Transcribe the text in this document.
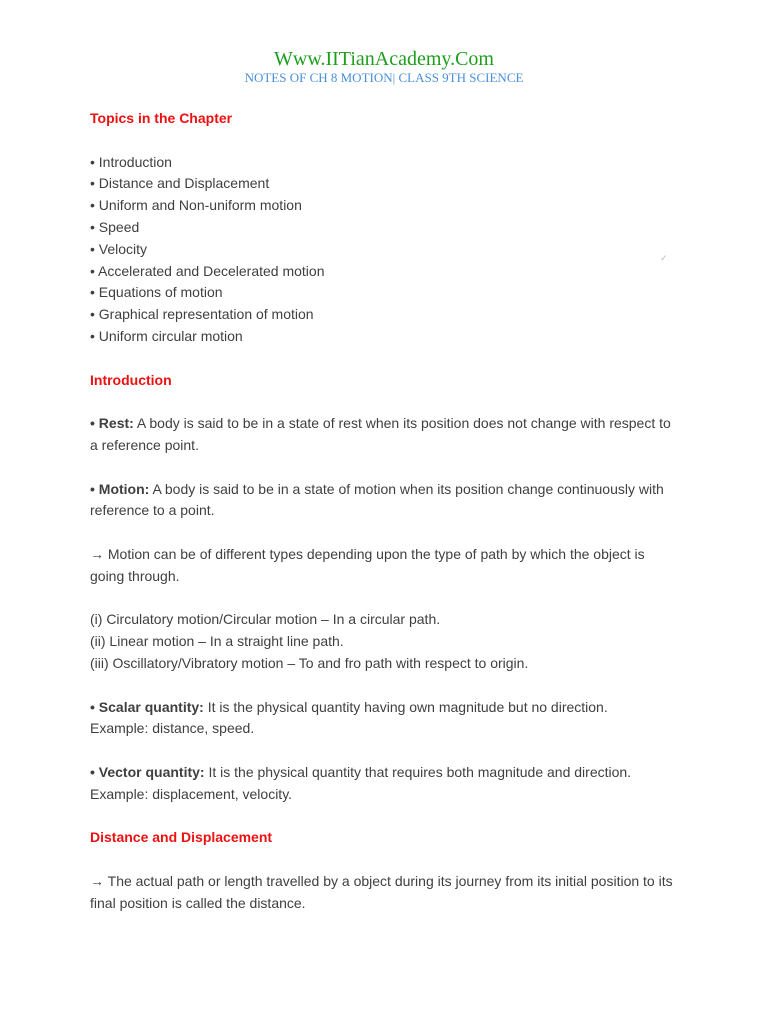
Www.IITianAcademy.Com
NOTES OF CH 8 MOTION| CLASS 9TH SCIENCE
✓

Topics in the Chapter

• Introduction

• Distance and Displacement

• Uniform and Non-uniform motion

• Speed

• Velocity

• Accelerated and Decelerated motion

• Equations of motion

• Graphical representation of motion

• Uniform circular motion

Introduction

• Rest: A body is said to be in a state of rest when its position does not change with respect to a reference point.

• Motion: A body is said to be in a state of motion when its position change continuously with reference to a point.

→ Motion can be of different types depending upon the type of path by which the object is going through.

(i) Circulatory motion/Circular motion – In a circular path.

(ii) Linear motion – In a straight line path.

(iii) Oscillatory/Vibratory motion – To and fro path with respect to origin.

• Scalar quantity: It is the physical quantity having own magnitude but no direction.

Example: distance, speed.

• Vector quantity: It is the physical quantity that requires both magnitude and direction.

Example: displacement, velocity.

Distance and Displacement

→ The actual path or length travelled by a object during its journey from its initial position to its final position is called the distance.
